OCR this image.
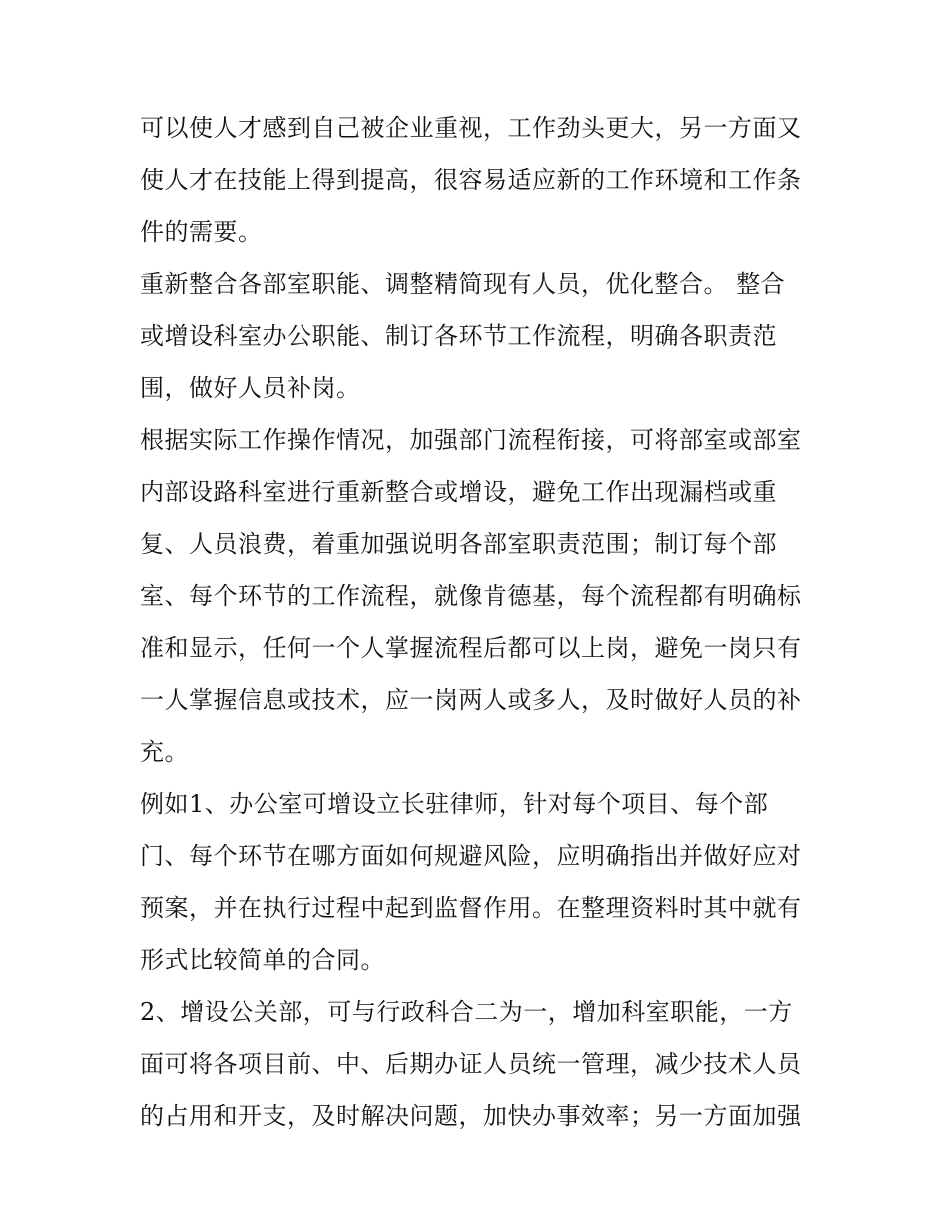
可以使人才感到自己被企业重视，工作劲头更大，另一方面又
使人才在技能上得到提高，很容易适应新的工作环境和工作条
件的需要。
重新整合各部室职能、调整精简现有人员，优化整合。 整合
或增设科室办公职能、制订各环节工作流程，明确各职责范
围，做好人员补岗。
根据实际工作操作情况，加强部门流程衔接，可将部室或部室
内部设路科室进行重新整合或增设，避免工作出现漏档或重
复、人员浪费，着重加强说明各部室职责范围；制订每个部
室、每个环节的工作流程，就像肯德基，每个流程都有明确标
准和显示，任何一个人掌握流程后都可以上岗，避免一岗只有
一人掌握信息或技术，应一岗两人或多人，及时做好人员的补
充。
例如1、办公室可增设立长驻律师，针对每个项目、每个部
门、每个环节在哪方面如何规避风险，应明确指出并做好应对
预案，并在执行过程中起到监督作用。在整理资料时其中就有
形式比较简单的合同。
2、增设公关部，可与行政科合二为一，增加科室职能，一方
面可将各项目前、中、后期办证人员统一管理，减少技术人员
的占用和开支，及时解决问题，加快办事效率；另一方面加强
